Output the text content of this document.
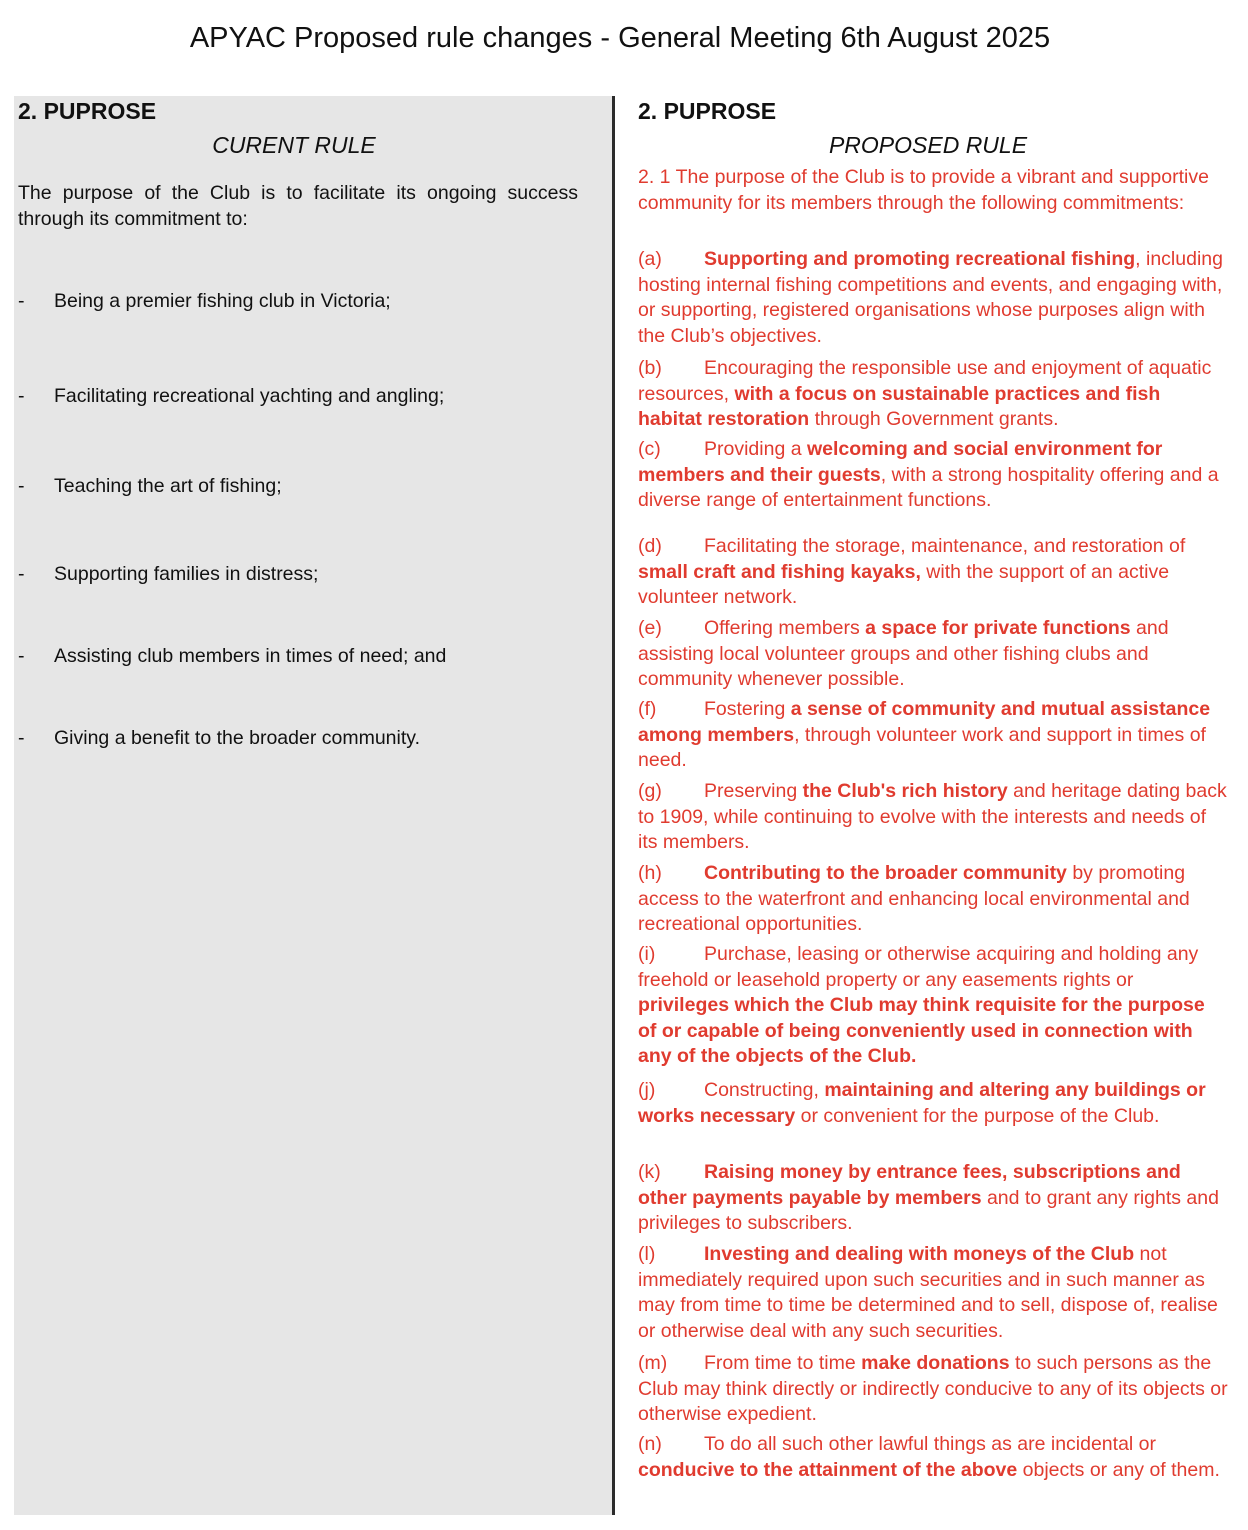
APYAC Proposed rule changes - General Meeting 6th August 2025
2. PUPROSE
CURENT RULE
The purpose of the Club is to facilitate its ongoing success through its commitment to:
- Being a premier fishing club in Victoria;
- Facilitating recreational yachting and angling;
- Teaching the art of fishing;
- Supporting families in distress;
- Assisting club members in times of need; and
- Giving a benefit to the broader community.
2. PUPROSE
PROPOSED RULE
2. 1 The purpose of the Club is to provide a vibrant and supportive community for its members through the following commitments:
(a) Supporting and promoting recreational fishing, including hosting internal fishing competitions and events, and engaging with, or supporting, registered organisations whose purposes align with the Club’s objectives.
(b) Encouraging the responsible use and enjoyment of aquatic resources, with a focus on sustainable practices and fish habitat restoration through Government grants.
(c) Providing a welcoming and social environment for members and their guests, with a strong hospitality offering and a diverse range of entertainment functions.
(d) Facilitating the storage, maintenance, and restoration of small craft and fishing kayaks, with the support of an active volunteer network.
(e) Offering members a space for private functions and assisting local volunteer groups and other fishing clubs and community whenever possible.
(f) Fostering a sense of community and mutual assistance among members, through volunteer work and support in times of need.
(g) Preserving the Club's rich history and heritage dating back to 1909, while continuing to evolve with the interests and needs of its members.
(h) Contributing to the broader community by promoting access to the waterfront and enhancing local environmental and recreational opportunities.
(i) Purchase, leasing or otherwise acquiring and holding any freehold or leasehold property or any easements rights or privileges which the Club may think requisite for the purpose of or capable of being conveniently used in connection with any of the objects of the Club.
(j) Constructing, maintaining and altering any buildings or works necessary or convenient for the purpose of the Club.
(k) Raising money by entrance fees, subscriptions and other payments payable by members and to grant any rights and privileges to subscribers.
(l) Investing and dealing with moneys of the Club not immediately required upon such securities and in such manner as may from time to time be determined and to sell, dispose of, realise or otherwise deal with any such securities.
(m) From time to time make donations to such persons as the Club may think directly or indirectly conducive to any of its objects or otherwise expedient.
(n) To do all such other lawful things as are incidental or conducive to the attainment of the above objects or any of them.
